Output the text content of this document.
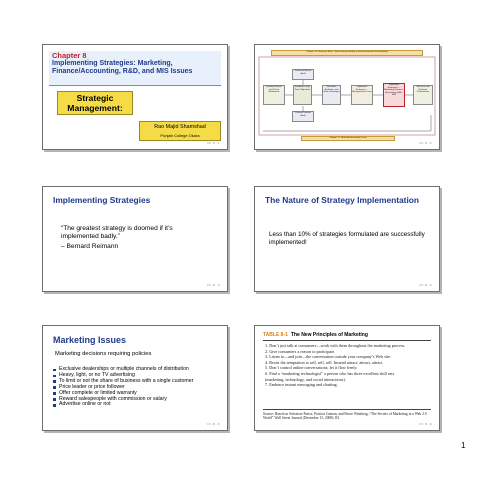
Chapter 8
Implementing Strategies: Marketing, Finance/Accounting, R&D, and MIS Issues
Strategic Management:
Rao Majid Shamshad
Punjab College Okara
Ch 8 -1
Chapter 10: Business Ethics, Social Responsibility, and Environmental Sustainability
Develop Mission and Vision Statements
Perform External Audit
Establish Long-Term Objectives
Generate, Evaluate, and Select Strategies
Implement Strategies — Management Issues
Implement Strategies — Marketing, Finance, Accounting, R&D, MIS
Measure and Evaluate Performance
Perform Internal Audit
Chapter 11: Global/International Issues
Ch 8 -2
Implementing Strategies
“The greatest strategy is doomed if it’s implemented badly.”
– Bernard Reimann
Ch 8 -3
The Nature of Strategy Implementation
Less than 10% of strategies formulated are successfully implemented!
Ch 8 -4
Marketing Issues
Marketing decisions requiring policies
Exclusive dealerships or multiple channels of distribution
Heavy, light, or no TV advertising
To limit or not the share of business with a single customer
Price leader or price follower
Offer complete or limited warranty
Reward salespeople with commission or salary
Advertise online or not
Ch 8 -5
TABLE 8-1 The New Principles of Marketing
1. Don’t just talk at consumers—work with them throughout the marketing process.
2. Give consumers a reason to participate.
3. Listen to—and join—the conversation outside your company’s Web site.
4. Resist the temptation to sell, sell, sell. Instead attract, attract, attract.
5. Don’t control online conversations; let it flow freely.
6. Find a “marketing technologist” a person who has three excellent skill sets
(marketing, technology, and social interactions).
7. Embrace instant messaging and chatting.
Source: Based on Salvatore Parise, Patricia Guinan, and Bruce Weinberg, “The Secrets of Marketing in a Web 2.0 World” Wall Street Journal (December 15, 2008): R1.
Ch 8 -6
1
